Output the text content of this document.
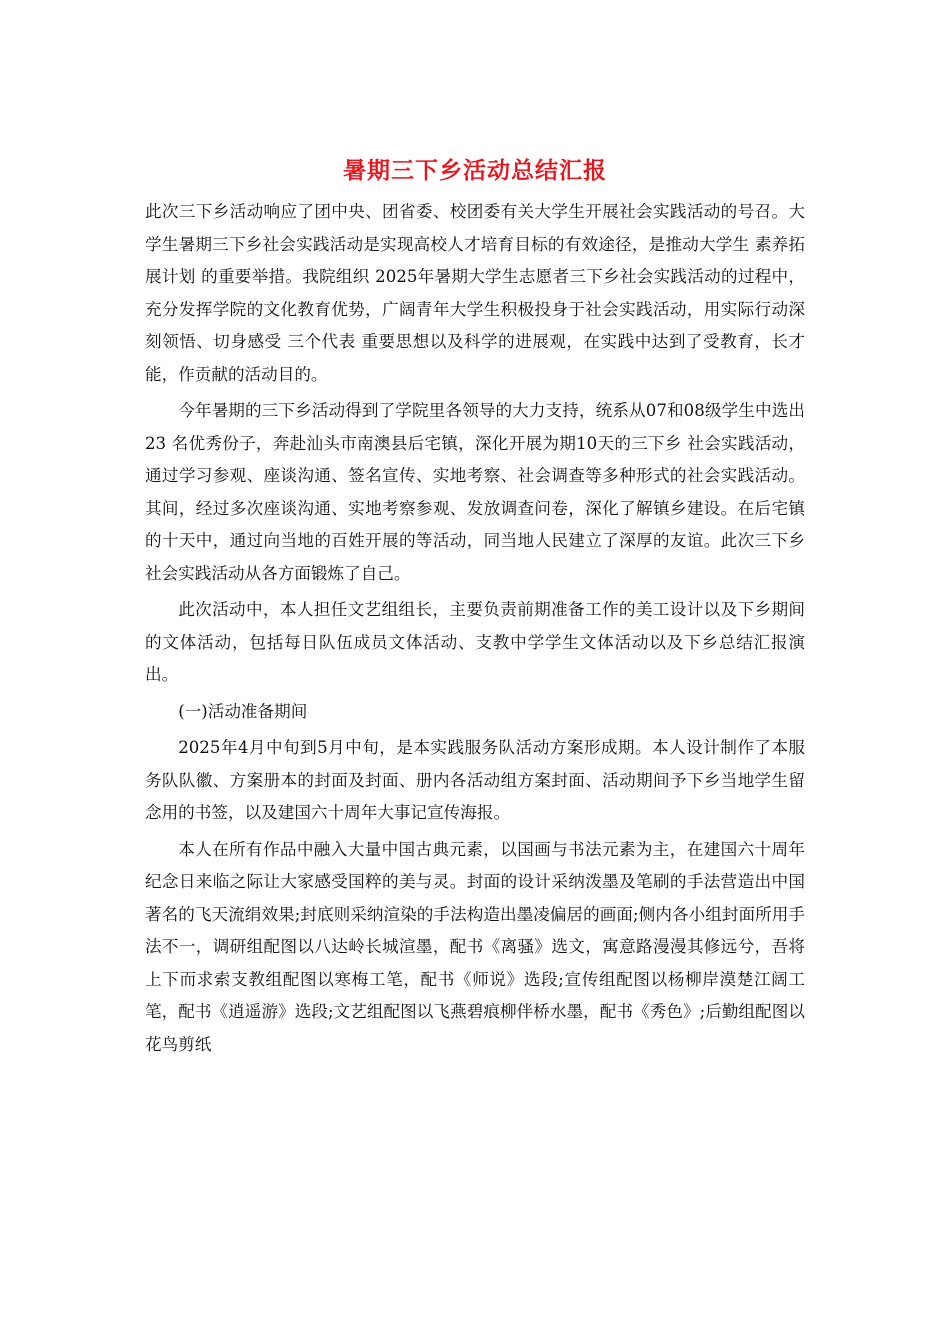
暑期三下乡活动总结汇报

此次三下乡活动响应了团中央、团省委、校团委有关大学生开展社会实践活动的号召。大学生暑期三下乡社会实践活动是实现高校人才培育目标的有效途径，是推动大学生 素养拓展计划 的重要举措。我院组织 2025年暑期大学生志愿者三下乡社会实践活动的过程中，充分发挥学院的文化教育优势，广阔青年大学生积极投身于社会实践活动，用实际行动深刻领悟、切身感受 三个代表 重要思想以及科学的进展观，在实践中达到了受教育，长才能，作贡献的活动目的。

今年暑期的三下乡活动得到了学院里各领导的大力支持，统系从07和08级学生中选出 23 名优秀份子，奔赴汕头市南澳县后宅镇，深化开展为期10天的三下乡 社会实践活动，通过学习参观、座谈沟通、签名宣传、实地考察、社会调查等多种形式的社会实践活动。其间，经过多次座谈沟通、实地考察参观、发放调查问卷，深化了解镇乡建设。在后宅镇的十天中，通过向当地的百姓开展的等活动，同当地人民建立了深厚的友谊。此次三下乡社会实践活动从各方面锻炼了自己。

此次活动中，本人担任文艺组组长，主要负责前期准备工作的美工设计以及下乡期间的文体活动，包括每日队伍成员文体活动、支教中学学生文体活动以及下乡总结汇报演出。

(一)活动准备期间

2025年4月中旬到5月中旬，是本实践服务队活动方案形成期。本人设计制作了本服务队队徽、方案册本的封面及封面、册内各活动组方案封面、活动期间予下乡当地学生留念用的书签，以及建国六十周年大事记宣传海报。

本人在所有作品中融入大量中国古典元素，以国画与书法元素为主，在建国六十周年纪念日来临之际让大家感受国粹的美与灵。封面的设计采纳泼墨及笔刷的手法营造出中国著名的飞天流绢效果;封底则采纳渲染的手法构造出墨凌偏居的画面;侧内各小组封面所用手法不一，调研组配图以八达岭长城渲墨，配书《离骚》选文，寓意路漫漫其修远兮，吾将上下而求索支教组配图以寒梅工笔，配书《师说》选段;宣传组配图以杨柳岸漠楚江阔工笔，配书《逍遥游》选段;文艺组配图以飞燕碧痕柳伴桥水墨，配书《秀色》;后勤组配图以花鸟剪纸
